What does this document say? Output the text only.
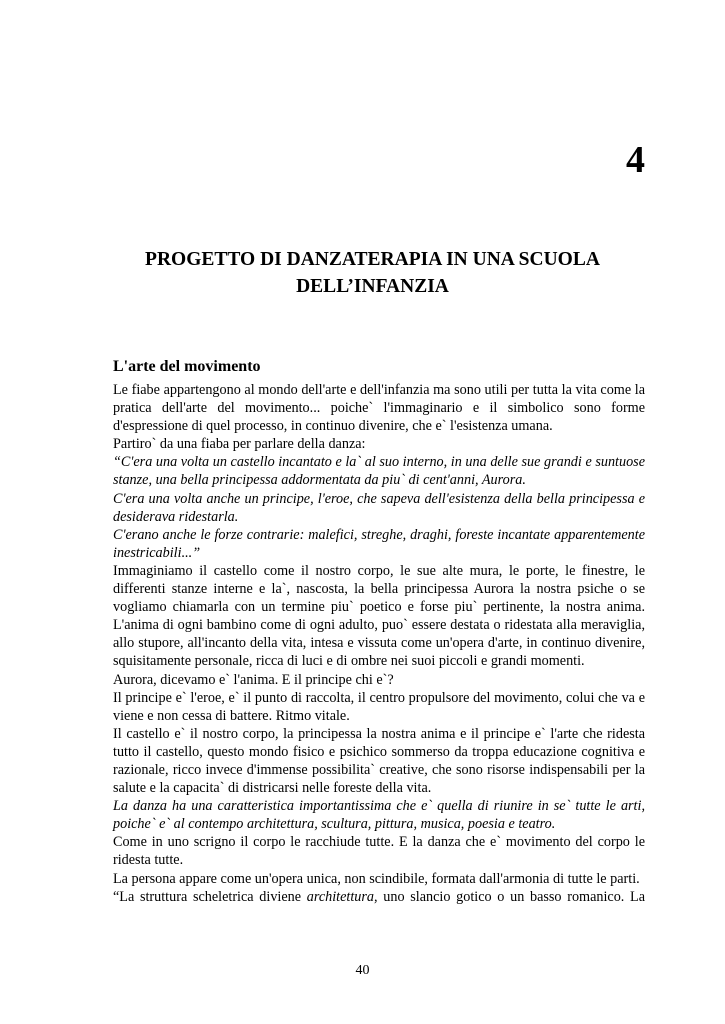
4
PROGETTO DI DANZATERAPIA IN UNA SCUOLA
DELL’INFANZIA
L'arte del movimento

Le fiabe appartengono al mondo dell'arte e dell'infanzia ma sono utili per tutta la vita come la pratica dell'arte del movimento... poiche` l'immaginario e il simbolico sono forme d'espressione di quel processo, in continuo divenire, che e` l'esistenza umana.

Partiro` da una fiaba per parlare della danza:

“C'era una volta un castello incantato e la` al suo interno, in una delle sue grandi e suntuose stanze, una bella principessa addormentata da piu` di cent'anni, Aurora.

C'era una volta anche un principe, l'eroe, che sapeva dell'esistenza della bella principessa e desiderava ridestarla.

C'erano anche le forze contrarie: malefici, streghe, draghi, foreste incantate apparentemente inestricabili...”

Immaginiamo il castello come il nostro corpo, le sue alte mura, le porte, le finestre, le differenti stanze interne e la`, nascosta, la bella principessa Aurora la nostra psiche o se vogliamo chiamarla con un termine piu` poetico e forse piu` pertinente, la nostra anima. L'anima di ogni bambino come di ogni adulto, puo` essere destata o ridestata alla meraviglia, allo stupore, all'incanto della vita, intesa e vissuta come un'opera d'arte, in continuo divenire, squisitamente personale, ricca di luci e di ombre nei suoi piccoli e grandi momenti.

Aurora, dicevamo e` l'anima. E il principe chi e`?

Il principe e` l'eroe, e` il punto di raccolta, il centro propulsore del movimento, colui che va e viene e non cessa di battere. Ritmo vitale.

Il castello e` il nostro corpo, la principessa la nostra anima e il principe e` l'arte che ridesta tutto il castello, questo mondo fisico e psichico sommerso da troppa educazione cognitiva e razionale, ricco invece d'immense possibilita` creative, che sono risorse indispensabili per la salute e la capacita` di districarsi nelle foreste della vita.

La danza ha una caratteristica importantissima che e` quella di riunire in se` tutte le arti, poiche` e` al contempo architettura, scultura, pittura, musica, poesia e teatro.

Come in uno scrigno il corpo le racchiude tutte. E la danza che e` movimento del corpo le ridesta tutte.

La persona appare come un'opera unica, non scindibile, formata dall'armonia di tutte le parti.

“La struttura scheletrica diviene architettura, uno slancio gotico o un basso romanico. La

40
